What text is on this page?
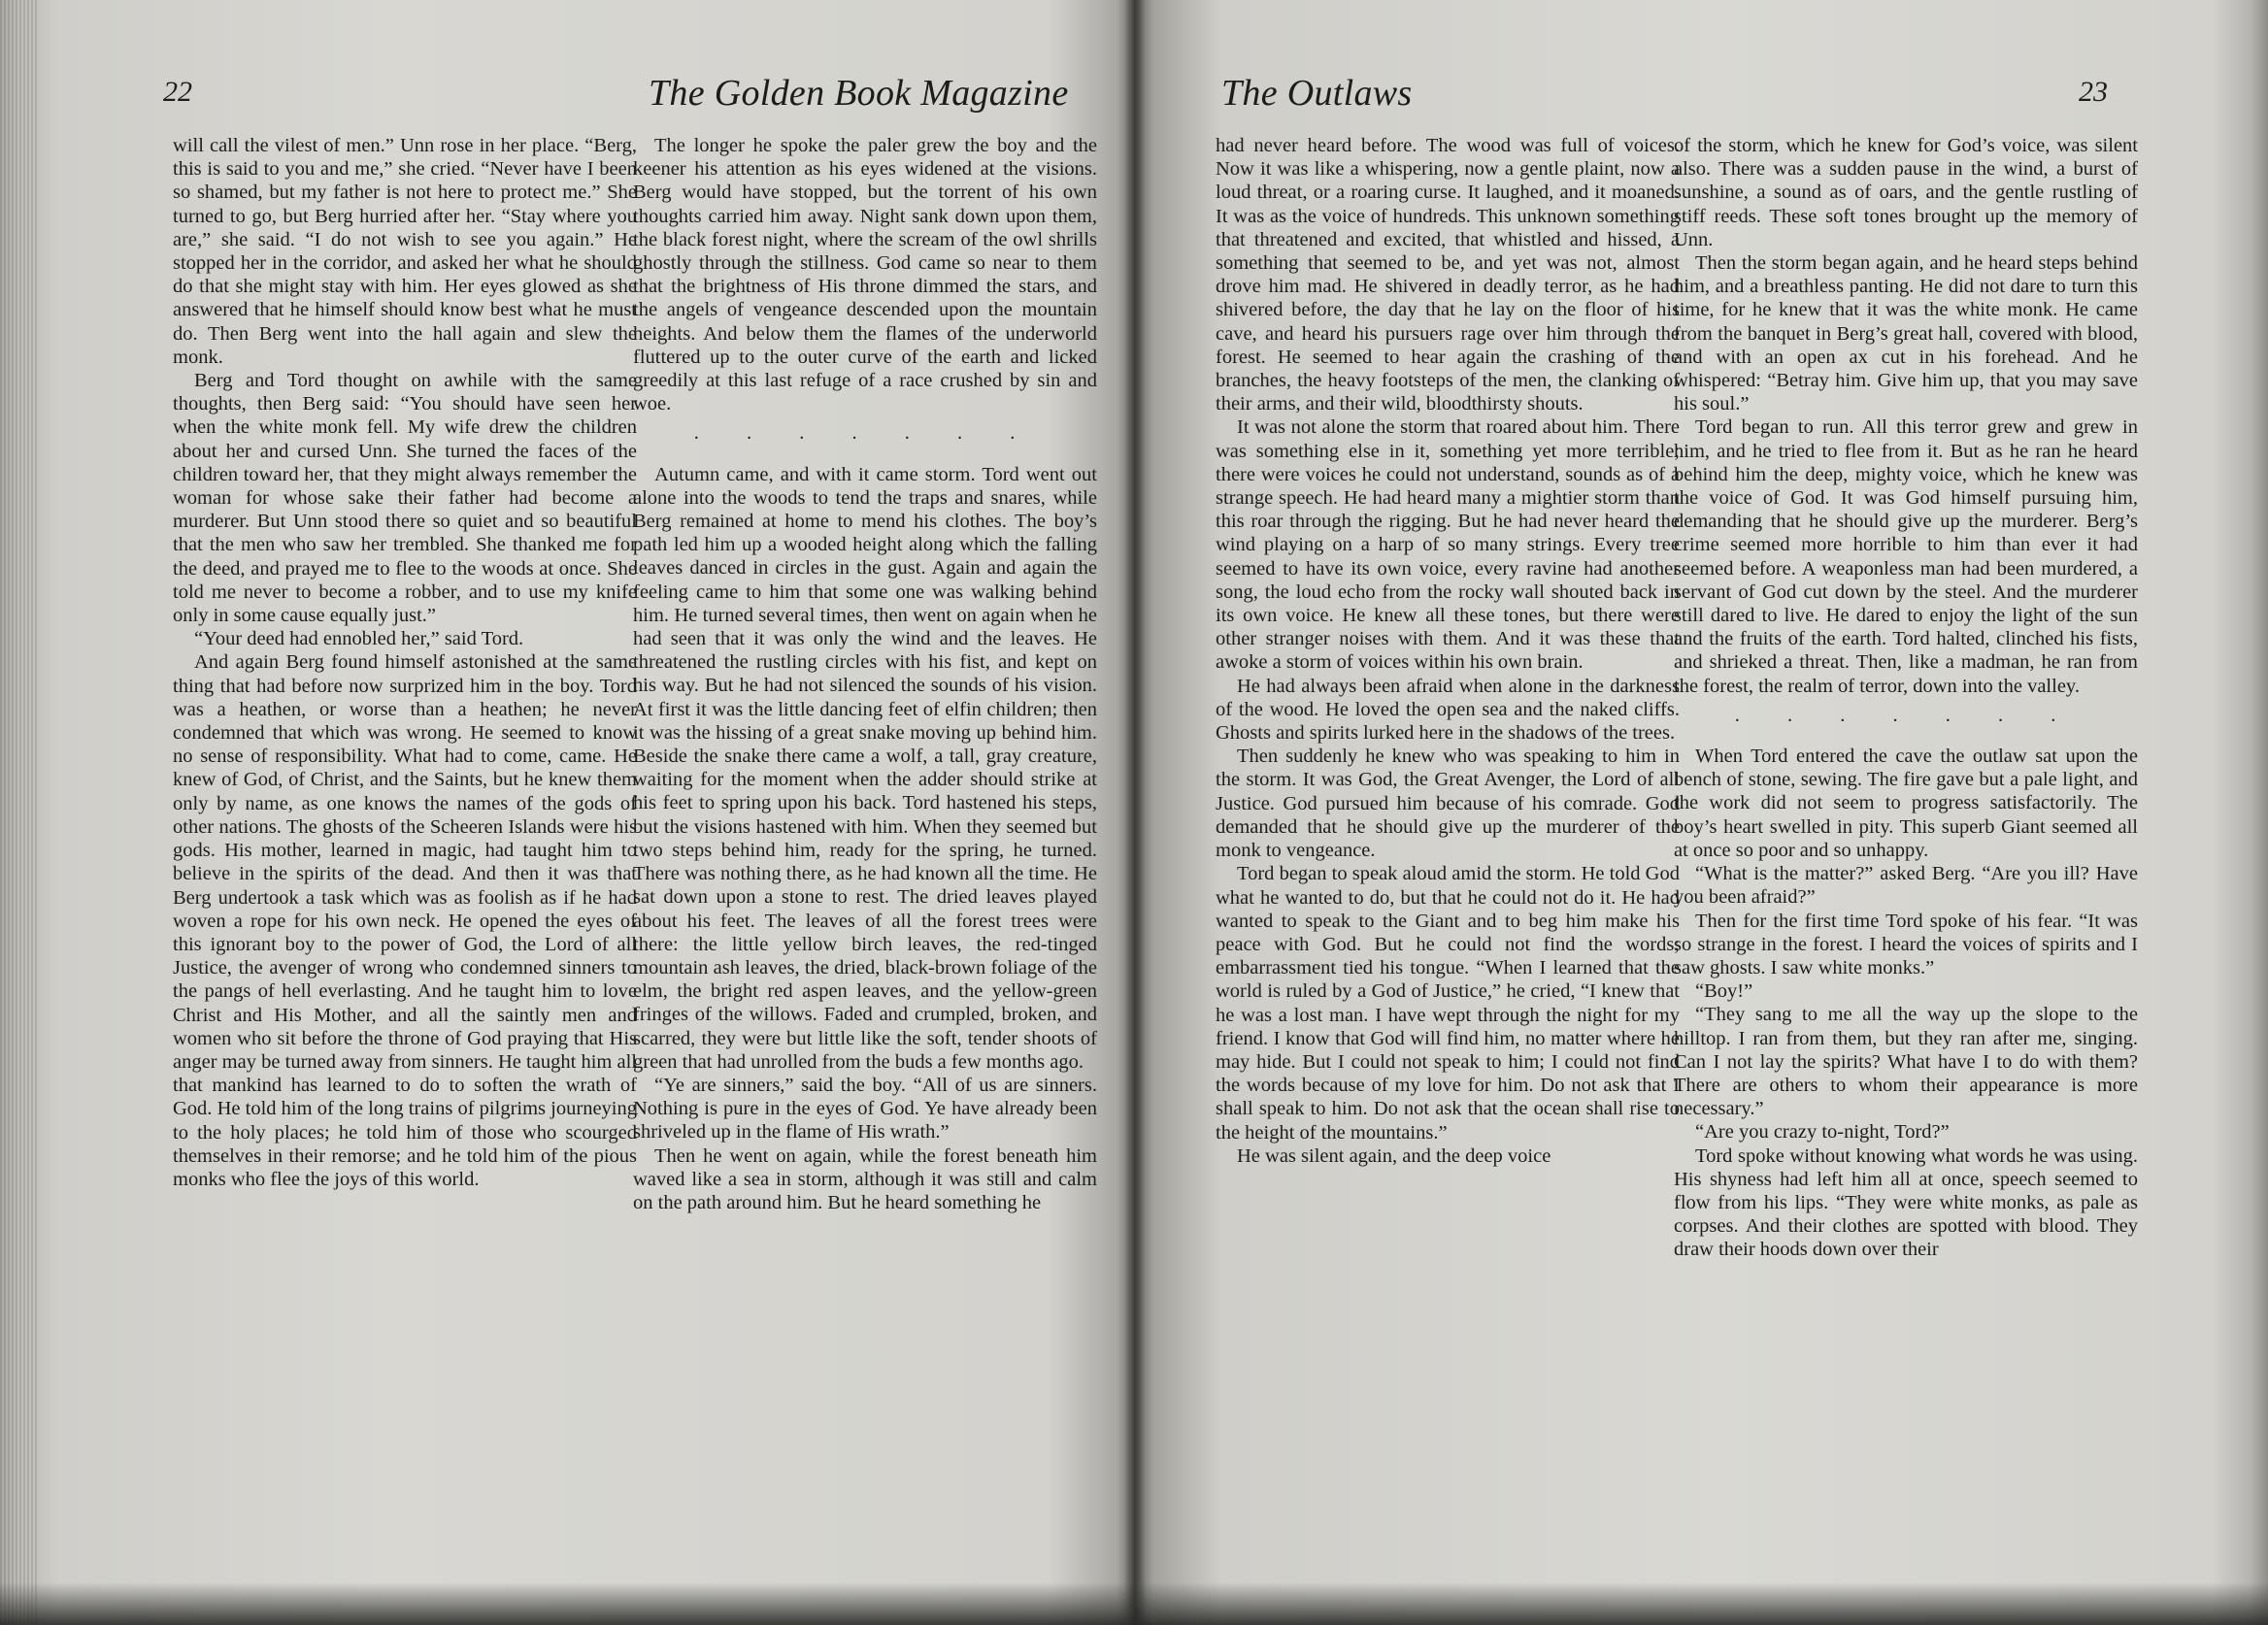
22	The Golden Book Magazine

will call the vilest of men.” Unn rose in her place. “Berg, this is said to you and me,” she cried. “Never have I been so shamed, but my father is not here to protect me.” She turned to go, but Berg hurried after her. “Stay where you are,” she said. “I do not wish to see you again.” He stopped her in the corridor, and asked her what he should do that she might stay with him. Her eyes glowed as she answered that he himself should know best what he must do. Then Berg went into the hall again and slew the monk.

Berg and Tord thought on awhile with the same thoughts, then Berg said: “You should have seen her when the white monk fell. My wife drew the children about her and cursed Unn. She turned the faces of the children toward her, that they might always remember the woman for whose sake their father had become a murderer. But Unn stood there so quiet and so beautiful that the men who saw her trembled. She thanked me for the deed, and prayed me to flee to the woods at once. She told me never to become a robber, and to use my knife only in some cause equally just.”

“Your deed had ennobled her,” said Tord.

And again Berg found himself astonished at the same thing that had before now surprized him in the boy. Tord was a heathen, or worse than a heathen; he never condemned that which was wrong. He seemed to know no sense of responsibility. What had to come, came. He knew of God, of Christ, and the Saints, but he knew them only by name, as one knows the names of the gods of other nations. The ghosts of the Scheeren Islands were his gods. His mother, learned in magic, had taught him to believe in the spirits of the dead. And then it was that Berg undertook a task which was as foolish as if he had woven a rope for his own neck. He opened the eyes of this ignorant boy to the power of God, the Lord of all Justice, the avenger of wrong who condemned sinners to the pangs of hell everlasting. And he taught him to love Christ and His Mother, and all the saintly men and women who sit before the throne of God praying that His anger may be turned away from sinners. He taught him all that mankind has learned to do to soften the wrath of God. He told him of the long trains of pilgrims journeying to the holy places; he told him of those who scourged themselves in their remorse; and he told him of the pious monks who flee the joys of this world.

The longer he spoke the paler grew the boy and the keener his attention as his eyes widened at the visions. Berg would have stopped, but the torrent of his own thoughts carried him away. Night sank down upon them, the black forest night, where the scream of the owl shrills ghostly through the stillness. God came so near to them that the brightness of His throne dimmed the stars, and the angels of vengeance descended upon the mountain heights. And below them the flames of the underworld fluttered up to the outer curve of the earth and licked greedily at this last refuge of a race crushed by sin and woe.

. . . . . . .

Autumn came, and with it came storm. Tord went out alone into the woods to tend the traps and snares, while Berg remained at home to mend his clothes. The boy’s path led him up a wooded height along which the falling leaves danced in circles in the gust. Again and again the feeling came to him that some one was walking behind him. He turned several times, then went on again when he had seen that it was only the wind and the leaves. He threatened the rustling circles with his fist, and kept on his way. But he had not silenced the sounds of his vision. At first it was the little dancing feet of elfin children; then it was the hissing of a great snake moving up behind him. Beside the snake there came a wolf, a tall, gray creature, waiting for the moment when the adder should strike at his feet to spring upon his back. Tord hastened his steps, but the visions hastened with him. When they seemed but two steps behind him, ready for the spring, he turned. There was nothing there, as he had known all the time. He sat down upon a stone to rest. The dried leaves played about his feet. The leaves of all the forest trees were there: the little yellow birch leaves, the red-tinged mountain ash leaves, the dried, black-brown foliage of the elm, the bright red aspen leaves, and the yellow-green fringes of the willows. Faded and crumpled, broken, and scarred, they were but little like the soft, tender shoots of green that had unrolled from the buds a few months ago.

“Ye are sinners,” said the boy. “All of us are sinners. Nothing is pure in the eyes of God. Ye have already been shriveled up in the flame of His wrath.”

Then he went on again, while the forest beneath him waved like a sea in storm, although it was still and calm on the path around him. But he heard something he

The Outlaws	23

had never heard before. The wood was full of voices. Now it was like a whispering, now a gentle plaint, now a loud threat, or a roaring curse. It laughed, and it moaned. It was as the voice of hundreds. This unknown something that threatened and excited, that whistled and hissed, a something that seemed to be, and yet was not, almost drove him mad. He shivered in deadly terror, as he had shivered before, the day that he lay on the floor of his cave, and heard his pursuers rage over him through the forest. He seemed to hear again the crashing of the branches, the heavy footsteps of the men, the clanking of their arms, and their wild, bloodthirsty shouts.

It was not alone the storm that roared about him. There was something else in it, something yet more terrible; there were voices he could not understand, sounds as of a strange speech. He had heard many a mightier storm than this roar through the rigging. But he had never heard the wind playing on a harp of so many strings. Every tree seemed to have its own voice, every ravine had another song, the loud echo from the rocky wall shouted back in its own voice. He knew all these tones, but there were other stranger noises with them. And it was these that awoke a storm of voices within his own brain.

He had always been afraid when alone in the darkness of the wood. He loved the open sea and the naked cliffs. Ghosts and spirits lurked here in the shadows of the trees.

Then suddenly he knew who was speaking to him in the storm. It was God, the Great Avenger, the Lord of all Justice. God pursued him because of his comrade. God demanded that he should give up the murderer of the monk to vengeance.

Tord began to speak aloud amid the storm. He told God what he wanted to do, but that he could not do it. He had wanted to speak to the Giant and to beg him make his peace with God. But he could not find the words; embarrassment tied his tongue. “When I learned that the world is ruled by a God of Justice,” he cried, “I knew that he was a lost man. I have wept through the night for my friend. I know that God will find him, no matter where he may hide. But I could not speak to him; I could not find the words because of my love for him. Do not ask that I shall speak to him. Do not ask that the ocean shall rise to the height of the mountains.”

He was silent again, and the deep voice

of the storm, which he knew for God’s voice, was silent also. There was a sudden pause in the wind, a burst of sunshine, a sound as of oars, and the gentle rustling of stiff reeds. These soft tones brought up the memory of Unn.

Then the storm began again, and he heard steps behind him, and a breathless panting. He did not dare to turn this time, for he knew that it was the white monk. He came from the banquet in Berg’s great hall, covered with blood, and with an open ax cut in his forehead. And he whispered: “Betray him. Give him up, that you may save his soul.”

Tord began to run. All this terror grew and grew in him, and he tried to flee from it. But as he ran he heard behind him the deep, mighty voice, which he knew was the voice of God. It was God himself pursuing him, demanding that he should give up the murderer. Berg’s crime seemed more horrible to him than ever it had seemed before. A weaponless man had been murdered, a servant of God cut down by the steel. And the murderer still dared to live. He dared to enjoy the light of the sun and the fruits of the earth. Tord halted, clinched his fists, and shrieked a threat. Then, like a madman, he ran from the forest, the realm of terror, down into the valley.

. . . . . . .

When Tord entered the cave the outlaw sat upon the bench of stone, sewing. The fire gave but a pale light, and the work did not seem to progress satisfactorily. The boy’s heart swelled in pity. This superb Giant seemed all at once so poor and so unhappy.

“What is the matter?” asked Berg. “Are you ill? Have you been afraid?”

Then for the first time Tord spoke of his fear. “It was so strange in the forest. I heard the voices of spirits and I saw ghosts. I saw white monks.”

“Boy!”

“They sang to me all the way up the slope to the hilltop. I ran from them, but they ran after me, singing. Can I not lay the spirits? What have I to do with them? There are others to whom their appearance is more necessary.”

“Are you crazy to-night, Tord?”

Tord spoke without knowing what words he was using. His shyness had left him all at once, speech seemed to flow from his lips. “They were white monks, as pale as corpses. And their clothes are spotted with blood. They draw their hoods down over their
